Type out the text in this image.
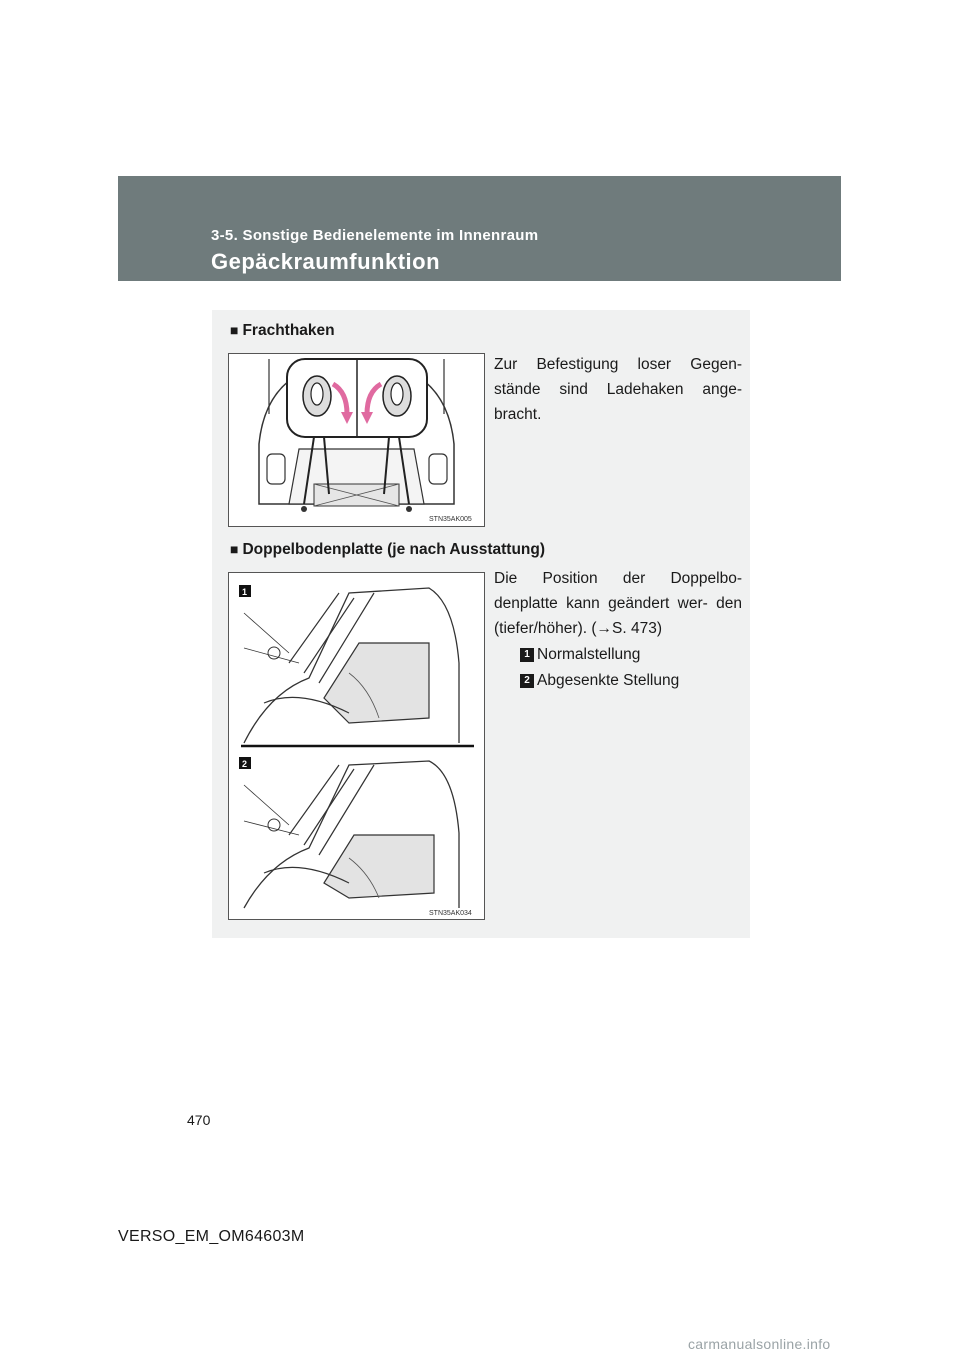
3-5. Sonstige Bedienelemente im Innenraum
Gepäckraumfunktion
■ Frachthaken
STN35AK005
Zur Befestigung loser Gegen- stände sind Ladehaken ange- bracht.
■ Doppelbodenplatte (je nach Ausstattung)
1
2
STN35AK034
Die Position der Doppelbo- denplatte kann geändert wer- den (tiefer/höher). (→S. 473)
1 Normalstellung
2 Abgesenkte Stellung
470
VERSO_EM_OM64603M
carmanualsonline.info
